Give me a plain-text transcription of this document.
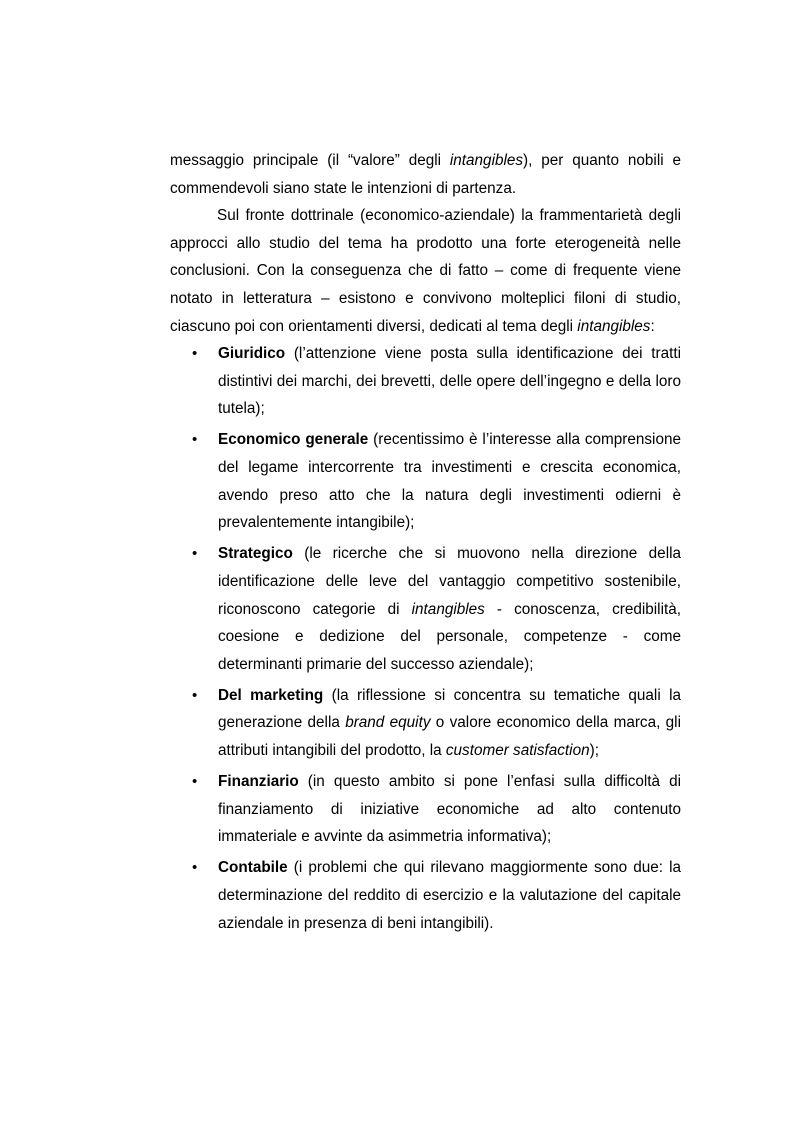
messaggio principale (il “valore” degli intangibles), per quanto nobili e commendevoli siano state le intenzioni di partenza.

Sul fronte dottrinale (economico-aziendale) la frammentarietà degli approcci allo studio del tema ha prodotto una forte eterogeneità nelle conclusioni. Con la conseguenza che di fatto – come di frequente viene notato in letteratura – esistono e convivono molteplici filoni di studio, ciascuno poi con orientamenti diversi, dedicati al tema degli intangibles:

• Giuridico (l’attenzione viene posta sulla identificazione dei tratti distintivi dei marchi, dei brevetti, delle opere dell’ingegno e della loro tutela);
• Economico generale (recentissimo è l’interesse alla comprensione del legame intercorrente tra investimenti e crescita economica, avendo preso atto che la natura degli investimenti odierni è prevalentemente intangibile);
• Strategico (le ricerche che si muovono nella direzione della identificazione delle leve del vantaggio competitivo sostenibile, riconoscono categorie di intangibles - conoscenza, credibilità, coesione e dedizione del personale, competenze - come determinanti primarie del successo aziendale);
• Del marketing (la riflessione si concentra su tematiche quali la generazione della brand equity o valore economico della marca, gli attributi intangibili del prodotto, la customer satisfaction);
• Finanziario (in questo ambito si pone l’enfasi sulla difficoltà di finanziamento di iniziative economiche ad alto contenuto immateriale e avvinte da asimmetria informativa);
• Contabile (i problemi che qui rilevano maggiormente sono due: la determinazione del reddito di esercizio e la valutazione del capitale aziendale in presenza di beni intangibili).
